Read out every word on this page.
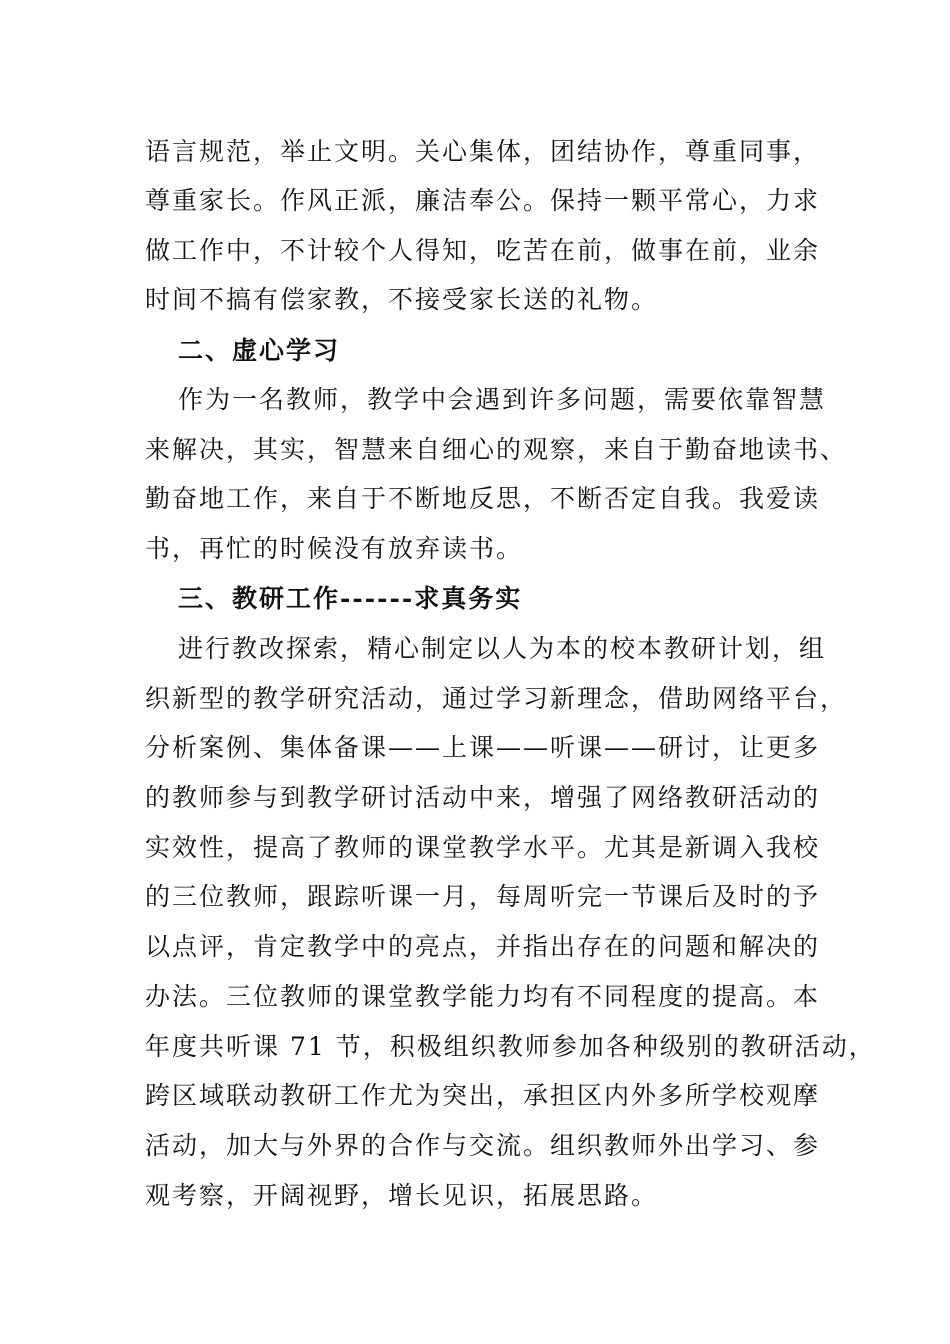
语言规范，举止文明。关心集体，团结协作，尊重同事，
尊重家长。作风正派，廉洁奉公。保持一颗平常心，力求
做工作中，不计较个人得知，吃苦在前，做事在前，业余
时间不搞有偿家教，不接受家长送的礼物。
二、虚心学习
作为一名教师，教学中会遇到许多问题，需要依靠智慧
来解决，其实，智慧来自细心的观察，来自于勤奋地读书、
勤奋地工作，来自于不断地反思，不断否定自我。我爱读
书，再忙的时候没有放弃读书。
三、教研工作------求真务实
进行教改探索，精心制定以人为本的校本教研计划，组
织新型的教学研究活动，通过学习新理念，借助网络平台，
分析案例、集体备课——上课——听课——研讨，让更多
的教师参与到教学研讨活动中来，增强了网络教研活动的
实效性，提高了教师的课堂教学水平。尤其是新调入我校
的三位教师，跟踪听课一月，每周听完一节课后及时的予
以点评，肯定教学中的亮点，并指出存在的问题和解决的
办法。三位教师的课堂教学能力均有不同程度的提高。本
年度共听课 71 节，积极组织教师参加各种级别的教研活动，
跨区域联动教研工作尤为突出，承担区内外多所学校观摩
活动，加大与外界的合作与交流。组织教师外出学习、参
观考察，开阔视野，增长见识，拓展思路。
